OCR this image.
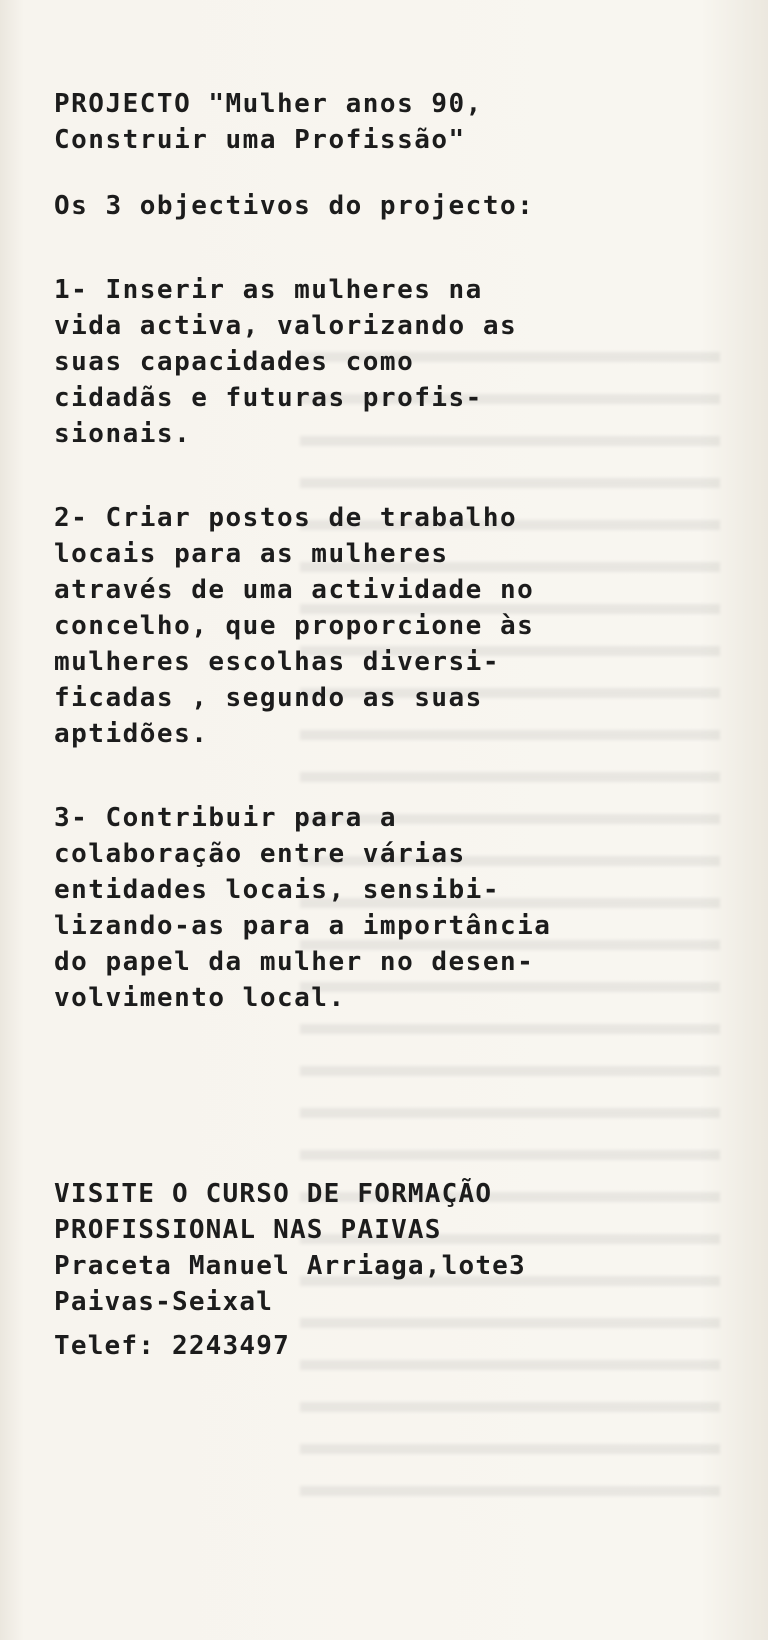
PROJECTO "Mulher anos 90,
Construir uma Profissão"
Os 3 objectivos do projecto:
1- Inserir as mulheres na
vida activa, valorizando as
suas capacidades como
cidadãs e futuras profis-
sionais.
2- Criar postos de trabalho
locais para as mulheres
através de uma actividade no
concelho, que proporcione às
mulheres escolhas diversi-
ficadas , segundo as suas
aptidões.
3- Contribuir para a
colaboração entre várias
entidades locais, sensibi-
lizando-as para a importância
do papel da mulher no desen-
volvimento local.
VISITE O CURSO DE FORMAÇÃO
PROFISSIONAL NAS PAIVAS
Praceta Manuel Arriaga,lote3
Paivas-Seixal
Telef: 2243497
